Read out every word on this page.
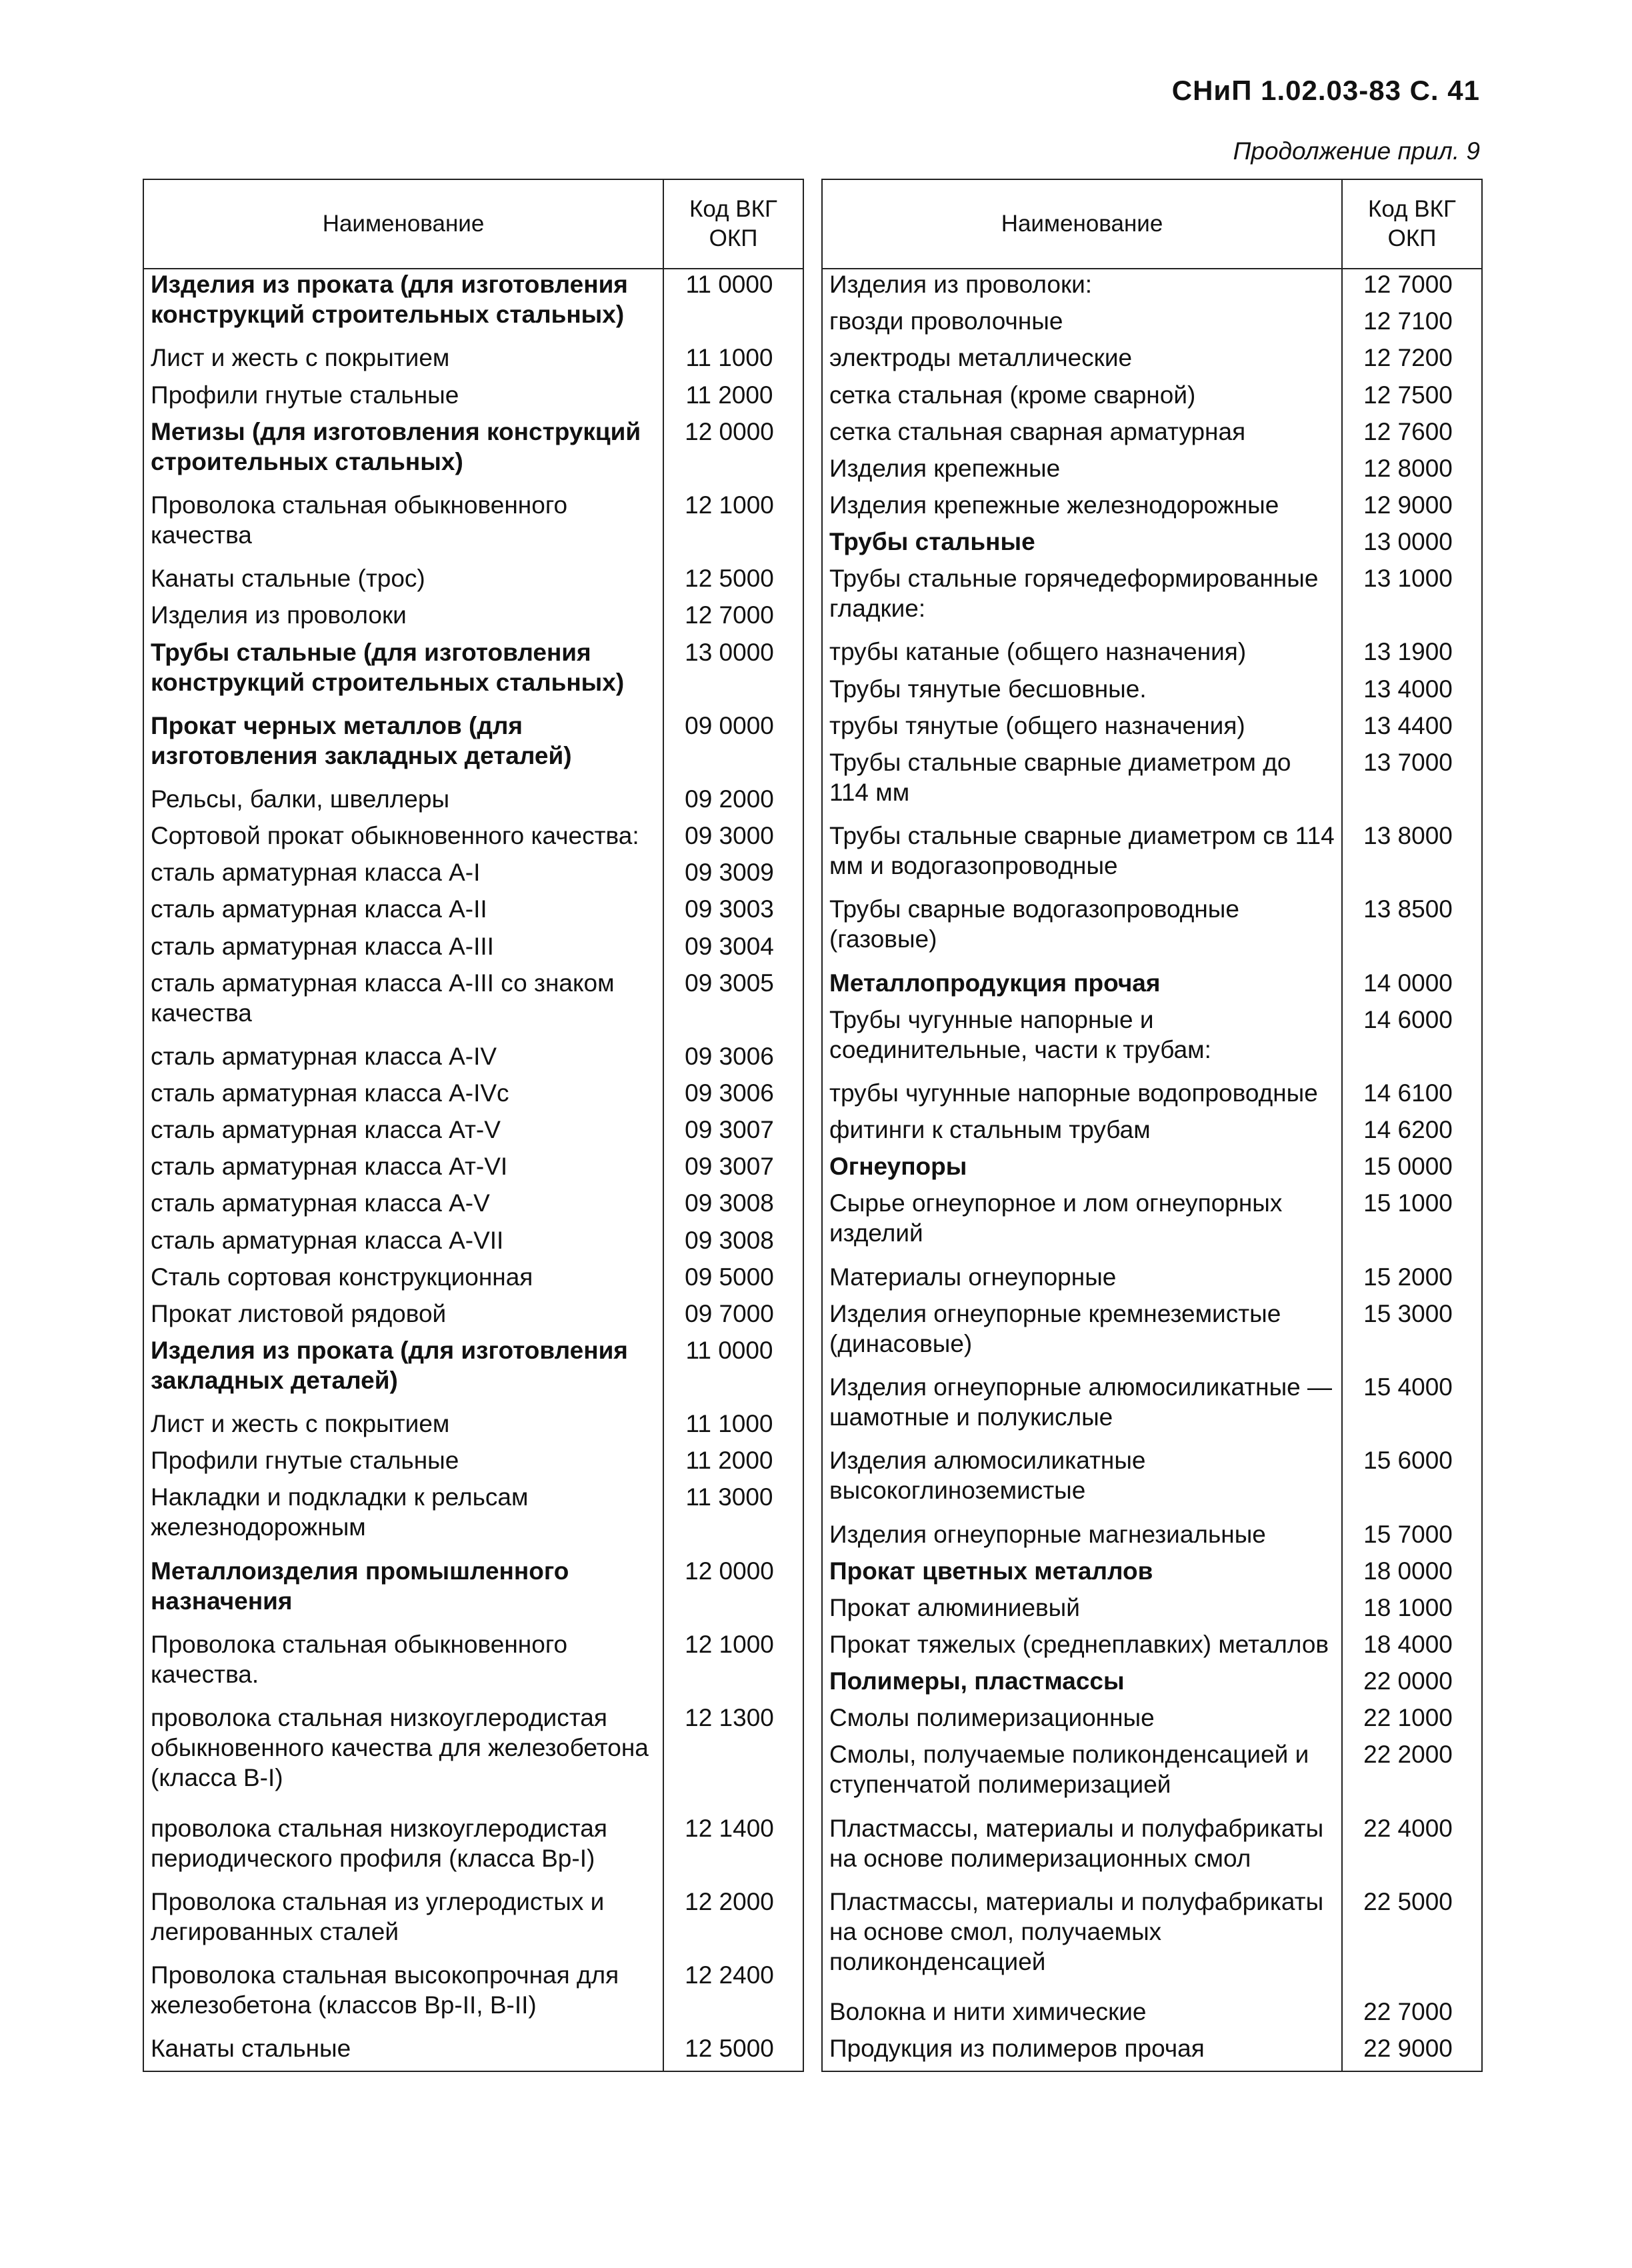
СНиП 1.02.03-83 С. 41
Продолжение прил. 9
Наименование	Код ВКГ ОКП
Изделия из проката (для изготовления конструкций строительных стальных)	11 0000
Лист и жесть с покрытием	11 1000
Профили гнутые стальные	11 2000
Метизы (для изготовления конструкций строительных стальных)	12 0000
Проволока стальная обыкновенного качества	12 1000
Канаты стальные (трос)	12 5000
Изделия из проволоки	12 7000
Трубы стальные (для изготовления конструкций строительных стальных)	13 0000
Прокат черных металлов (для изготовления закладных деталей)	09 0000
Рельсы, балки, швеллеры	09 2000
Сортовой прокат обыкновенного качества:	09 3000
сталь арматурная класса А-I	09 3009
сталь арматурная класса А-II	09 3003
сталь арматурная класса А-III	09 3004
сталь арматурная класса А-III со знаком качества	09 3005
сталь арматурная класса А-IV	09 3006
сталь арматурная класса А-IVc	09 3006
сталь арматурная класса Ат-V	09 3007
сталь арматурная класса Ат-VI	09 3007
сталь арматурная класса А-V	09 3008
сталь арматурная класса А-VII	09 3008
Сталь сортовая конструкционная	09 5000
Прокат листовой рядовой	09 7000
Изделия из проката (для изготовления закладных деталей)	11 0000
Лист и жесть с покрытием	11 1000
Профили гнутые стальные	11 2000
Накладки и подкладки к рельсам железнодорожным	11 3000
Металлоизделия промышленного назначения	12 0000
Проволока стальная обыкновенного качества.	12 1000
проволока стальная низкоуглеродистая обыкновенного качества для железобетона (класса В-I)	12 1300
проволока стальная низкоуглеродистая периодического профиля (класса Вр-I)	12 1400
Проволока стальная из углеродистых и легированных сталей	12 2000
Проволока стальная высокопрочная для железобетона (классов Вр-II, В-II)	12 2400
Канаты стальные	12 5000

Наименование	Код ВКГ ОКП
Изделия из проволоки:	12 7000
гвозди проволочные	12 7100
электроды металлические	12 7200
сетка стальная (кроме сварной)	12 7500
сетка стальная сварная арматурная	12 7600
Изделия крепежные	12 8000
Изделия крепежные железнодорожные	12 9000
Трубы стальные	13 0000
Трубы стальные горячедеформированные гладкие:	13 1000
трубы катаные (общего назначения)	13 1900
Трубы тянутые бесшовные.	13 4000
трубы тянутые (общего назначения)	13 4400
Трубы стальные сварные диаметром до 114 мм	13 7000
Трубы стальные сварные диаметром св 114 мм и водогазопроводные	13 8000
Трубы сварные водогазопроводные (газовые)	13 8500
Металлопродукция прочая	14 0000
Трубы чугунные напорные и соединительные, части к трубам:	14 6000
трубы чугунные напорные водопроводные	14 6100
фитинги к стальным трубам	14 6200
Огнеупоры	15 0000
Сырье огнеупорное и лом огнеупорных изделий	15 1000
Материалы огнеупорные	15 2000
Изделия огнеупорные кремнеземистые (динасовые)	15 3000
Изделия огнеупорные алюмосиликатные — шамотные и полукислые	15 4000
Изделия алюмосиликатные высокоглиноземистые	15 6000
Изделия огнеупорные магнезиальные	15 7000
Прокат цветных металлов	18 0000
Прокат алюминиевый	18 1000
Прокат тяжелых (среднеплавких) металлов	18 4000
Полимеры, пластмассы	22 0000
Смолы полимеризационные	22 1000
Смолы, получаемые поликонденсацией и ступенчатой полимеризацией	22 2000
Пластмассы, материалы и полуфабрикаты на основе полимеризационных смол	22 4000
Пластмассы, материалы и полуфабрикаты на основе смол, получаемых поликонденсацией	22 5000
Волокна и нити химические	22 7000
Продукция из полимеров прочая	22 9000
